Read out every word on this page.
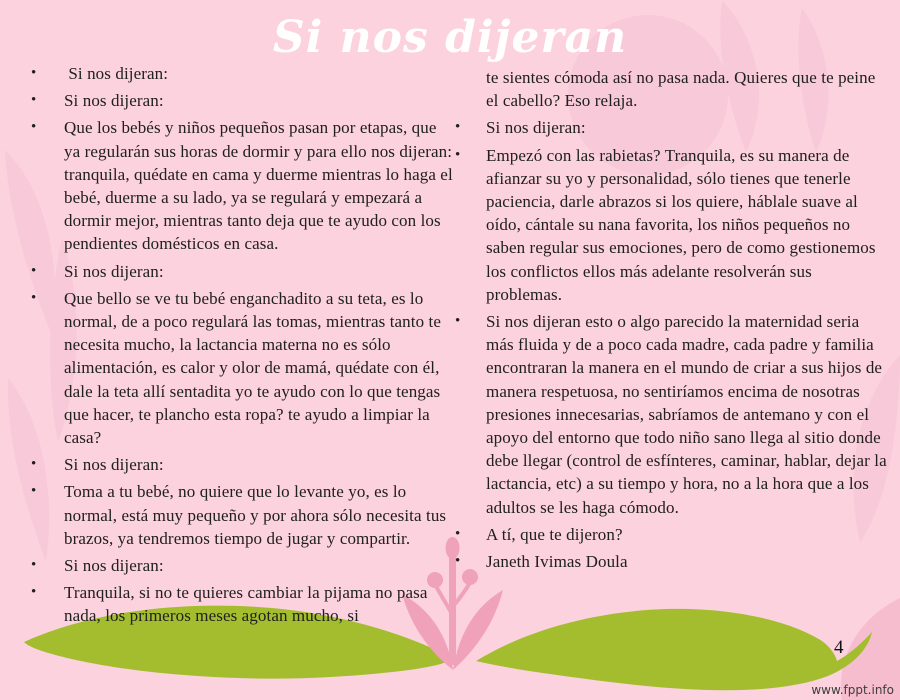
Si nos dijeran
•	Si nos dijeran:
•	Si nos dijeran:
•	Que los bebés y niños pequeños pasan por etapas, que ya regularán sus horas de dormir y para ello nos dijeran: tranquila, quédate en cama y duerme mientras lo haga el bebé, duerme a su lado, ya se regulará y empezará a dormir mejor, mientras tanto deja que te ayudo con los pendientes domésticos en casa.
•	Si nos dijeran:
•	Que bello se ve tu bebé enganchadito a su teta, es lo normal, de a poco regulará las tomas, mientras tanto te necesita mucho, la lactancia materna no es sólo alimentación, es calor y olor de mamá, quédate con él, dale la teta allí sentadita yo te ayudo con lo que tengas que hacer, te plancho esta ropa? te ayudo a limpiar la casa?
•	Si nos dijeran:
•	Toma a tu bebé, no quiere que lo levante yo, es lo normal, está muy pequeño y por ahora sólo necesita tus brazos, ya tendremos tiempo de jugar y compartir.
•	Si nos dijeran:
•	Tranquila, si no te quieres cambiar la pijama no pasa nada, los primeros meses agotan mucho, si
te sientes cómoda así no pasa nada. Quieres que te peine el cabello? Eso relaja.
•	Si nos dijeran:
•	Empezó con las rabietas? Tranquila, es su manera de afianzar su yo y personalidad, sólo tienes que tenerle paciencia, darle abrazos si los quiere, háblale suave al oído, cántale su nana favorita, los niños pequeños no saben regular sus emociones, pero de como gestionemos los conflictos ellos más adelante resolverán sus problemas.
•	Si nos dijeran esto o algo parecido la maternidad seria más fluida y de a poco cada madre, cada padre y familia encontraran la manera en el mundo de criar a sus hijos de manera respetuosa, no sentiríamos encima de nosotras presiones innecesarias, sabríamos de antemano y con el apoyo del entorno que todo niño sano llega al sitio donde debe llegar (control de esfínteres, caminar, hablar, dejar la lactancia, etc) a su tiempo y hora, no a la hora que a los adultos se les haga cómodo.
•	A tí, que te dijeron?
•	Janeth Ivimas Doula
4
www.fppt.info
